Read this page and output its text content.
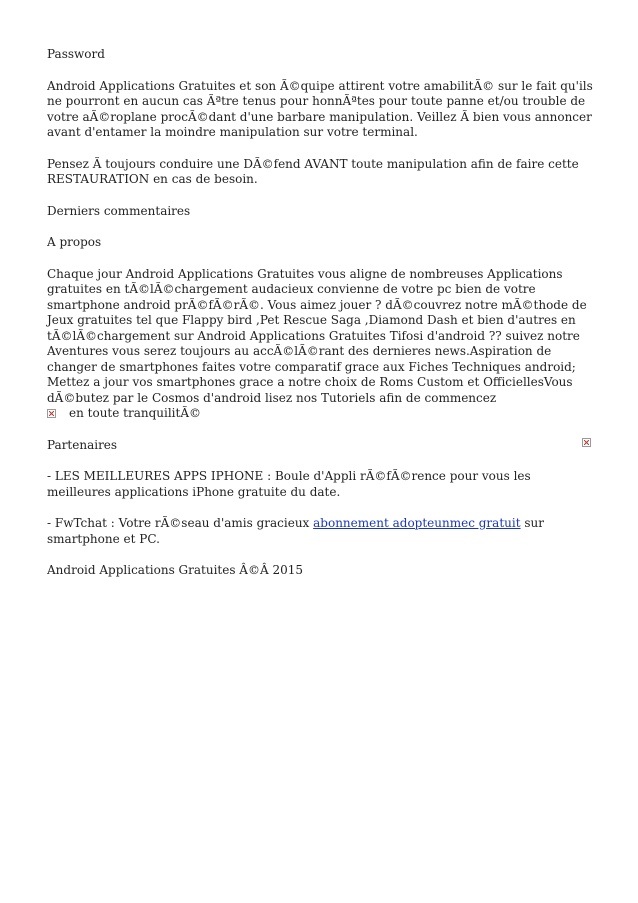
Password

Android Applications Gratuites et son Ã©quipe attirent votre amabilitÃ© sur le fait qu'ils ne pourront en aucun cas Ãªtre tenus pour honnÃªtes pour toute panne et/ou trouble de votre aÃ©roplane procÃ©dant d'une barbare manipulation. Veillez Ã bien vous annoncer avant d'entamer la moindre manipulation sur votre terminal.

Pensez Ã toujours conduire une DÃ©fend AVANT toute manipulation afin de faire cette RESTAURATION en cas de besoin.

Derniers commentaires

A propos

Chaque jour Android Applications Gratuites vous aligne de nombreuses Applications gratuites en tÃ©lÃ©chargement audacieux convienne de votre pc bien de votre smartphone android prÃ©fÃ©rÃ©. Vous aimez jouer ? dÃ©couvrez notre mÃ©thode de Jeux gratuites tel que Flappy bird ,Pet Rescue Saga ,Diamond Dash et bien d'autres en tÃ©lÃ©chargement sur Android Applications Gratuites Tifosi d'android ?? suivez notre Aventures vous serez toujours au accÃ©lÃ©rant des dernieres news.Aspiration de changer de smartphones faites votre comparatif grace aux Fiches Techniques android; Mettez a jour vos smartphones grace a notre choix de Roms Custom et OfficiellesVous dÃ©butez par le Cosmos d'android lisez nos Tutoriels afin de commencez
en toute tranquilitÃ©

Partenaires

- LES MEILLEURES APPS IPHONE : Boule d'Appli rÃ©fÃ©rence pour vous les meilleures applications iPhone gratuite du date.

- FwTchat : Votre rÃ©seau d'amis gracieux abonnement adopteunmec gratuit sur smartphone et PC.

Android Applications Gratuites Â©Â 2015
